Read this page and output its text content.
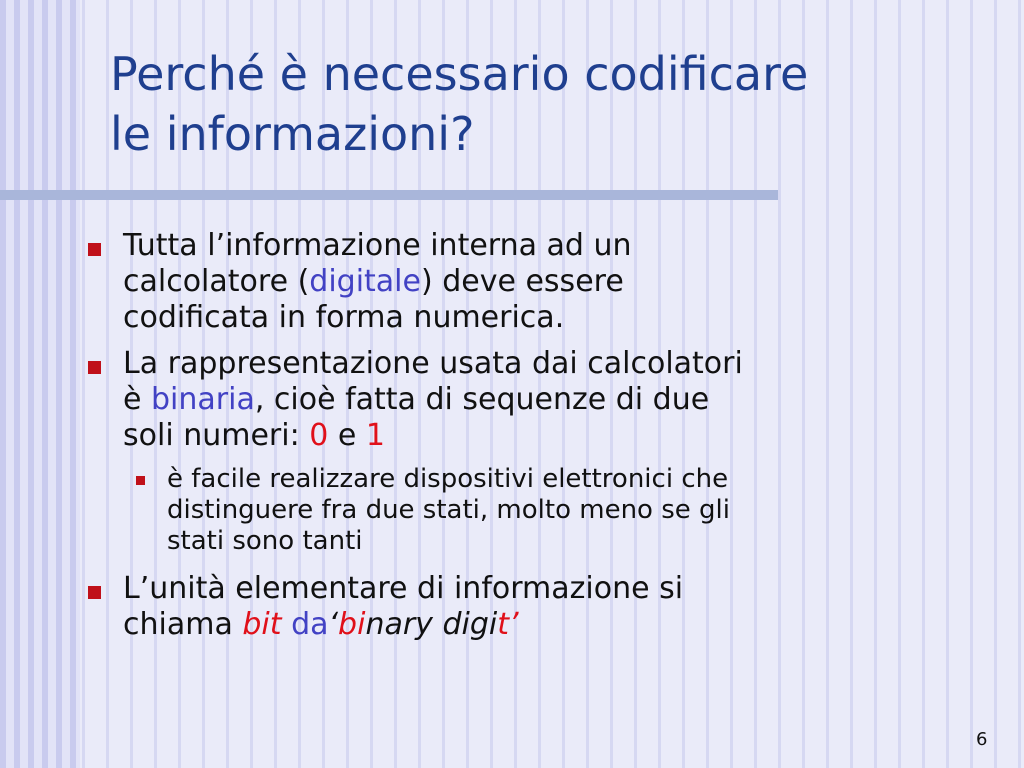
Perché è necessario codificare
le informazioni?
Tutta l’informazione interna ad un
calcolatore (digitale) deve essere
codificata in forma numerica.
La rappresentazione usata dai calcolatori
è binaria, cioè fatta di sequenze di due
soli numeri: 0 e 1
è facile realizzare dispositivi elettronici che
distinguere fra due stati, molto meno se gli
stati sono tanti
L’unità elementare di informazione si
chiama bit da‘binary digit’
6
